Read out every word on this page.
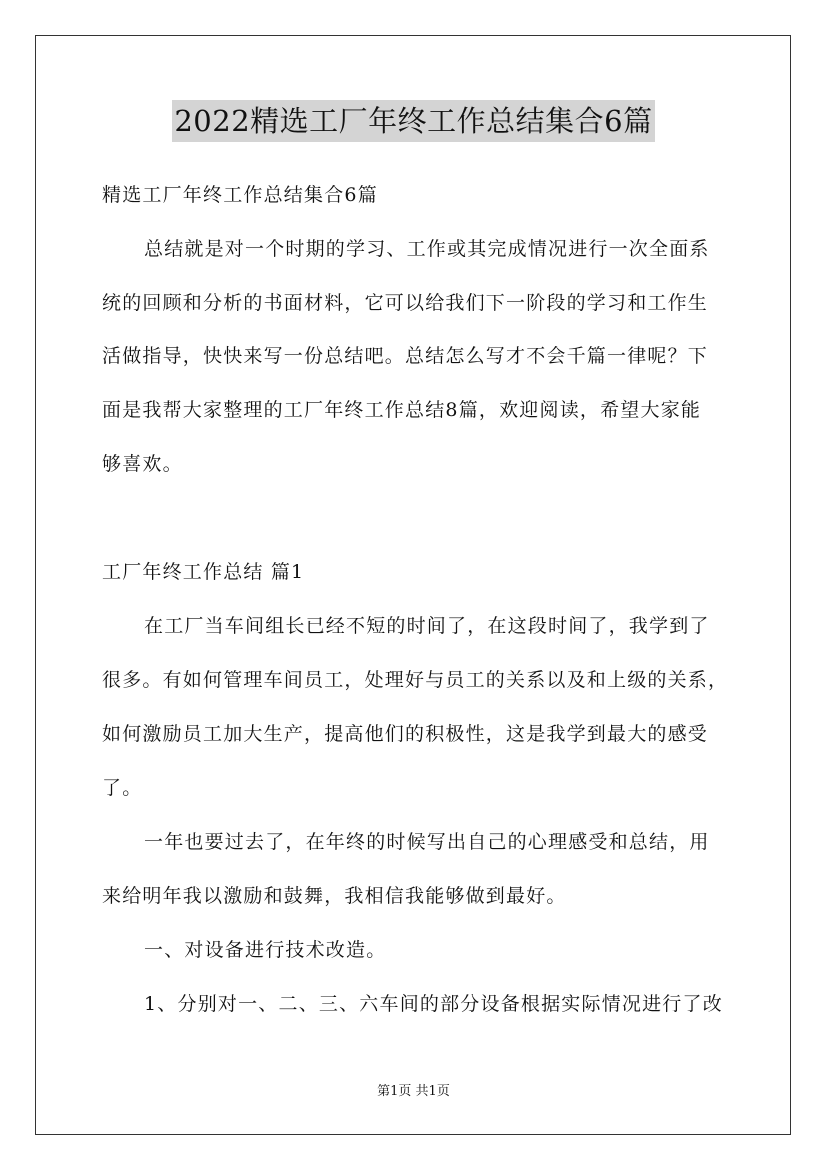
2022精选工厂年终工作总结集合6篇
精选工厂年终工作总结集合6篇
总结就是对一个时期的学习、工作或其完成情况进行一次全面系
统的回顾和分析的书面材料，它可以给我们下一阶段的学习和工作生
活做指导，快快来写一份总结吧。总结怎么写才不会千篇一律呢？下
面是我帮大家整理的工厂年终工作总结8篇，欢迎阅读，希望大家能
够喜欢。
工厂年终工作总结 篇1
在工厂当车间组长已经不短的时间了，在这段时间了，我学到了
很多。有如何管理车间员工，处理好与员工的关系以及和上级的关系，
如何激励员工加大生产，提高他们的积极性，这是我学到最大的感受
了。
一年也要过去了，在年终的时候写出自己的心理感受和总结，用
来给明年我以激励和鼓舞，我相信我能够做到最好。
一、对设备进行技术改造。
1、分别对一、二、三、六车间的部分设备根据实际情况进行了改
第1页 共1页
